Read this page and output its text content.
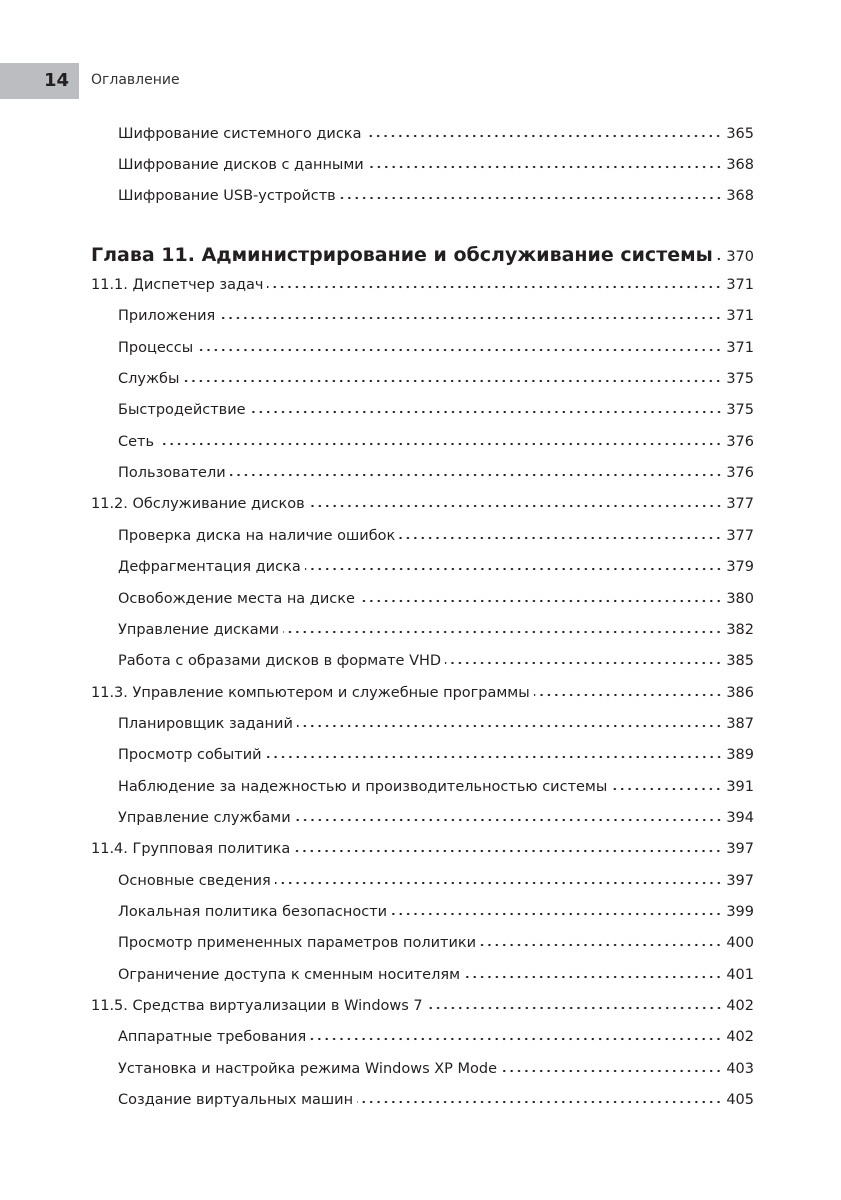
14 Оглавление
Шифрование системного диска	365
Шифрование дисков с данными	368
Шифрование USB-устройств	368
Глава 11. Администрирование и обслуживание системы 370
11.1. Диспетчер задач	371
Приложения	371
Процессы	371
Службы	375
Быстродействие	375
Сеть	376
Пользователи	376
11.2. Обслуживание дисков	377
Проверка диска на наличие ошибок	377
Дефрагментация диска	379
Освобождение места на диске	380
Управление дисками	382
Работа с образами дисков в формате VHD	385
11.3. Управление компьютером и служебные программы	386
Планировщик заданий	387
Просмотр событий	389
Наблюдение за надежностью и производительностью системы	391
Управление службами	394
11.4. Групповая политика	397
Основные сведения	397
Локальная политика безопасности	399
Просмотр примененных параметров политики	400
Ограничение доступа к сменным носителям	401
11.5. Средства виртуализации в Windows 7	402
Аппаратные требования	402
Установка и настройка режима Windows XP Mode	403
Создание виртуальных машин	405
